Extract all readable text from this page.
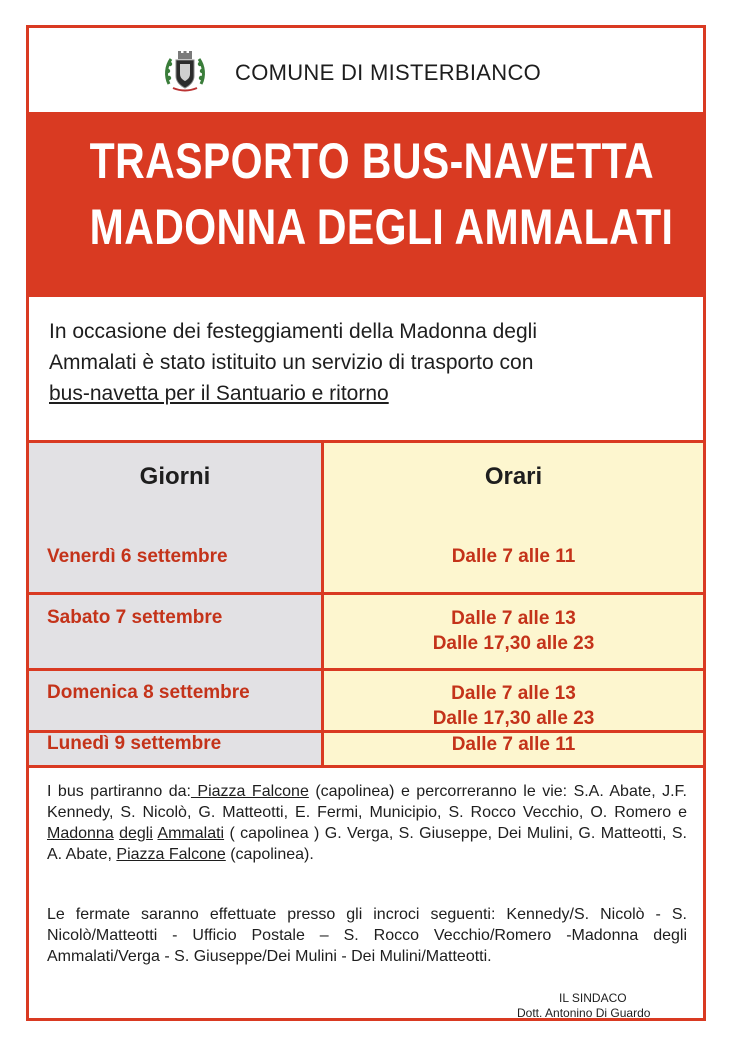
COMUNE DI MISTERBIANCO
TRASPORTO BUS-NAVETTA
MADONNA DEGLI AMMALATI
In occasione dei festeggiamenti della Madonna degli
Ammalati è stato istituito un servizio di trasporto con
bus-navetta per il Santuario e ritorno
Giorni	Orari
Venerdì 6 settembre	Dalle 7 alle 11
Sabato 7 settembre	Dalle 7 alle 13
Dalle 17,30 alle 23
Domenica 8 settembre	Dalle 7 alle 13
Dalle 17,30 alle 23
Lunedì 9 settembre	Dalle 7 alle 11
I bus partiranno da: Piazza Falcone (capolinea) e percorreranno le vie: S.A. Abate, J.F. Kennedy, S. Nicolò, G. Matteotti, E. Fermi, Municipio, S. Rocco Vecchio, O. Romero e Madonna degli Ammalati ( capolinea ) G. Verga, S. Giuseppe, Dei Mulini, G. Matteotti, S. A. Abate, Piazza Falcone (capolinea).
Le fermate saranno effettuate presso gli incroci seguenti: Kennedy/S. Nicolò - S. Nicolò/Matteotti - Ufficio Postale – S. Rocco Vecchio/Romero -Madonna degli Ammalati/Verga - S. Giuseppe/Dei Mulini - Dei Mulini/Matteotti.
IL SINDACO
Dott. Antonino Di Guardo
